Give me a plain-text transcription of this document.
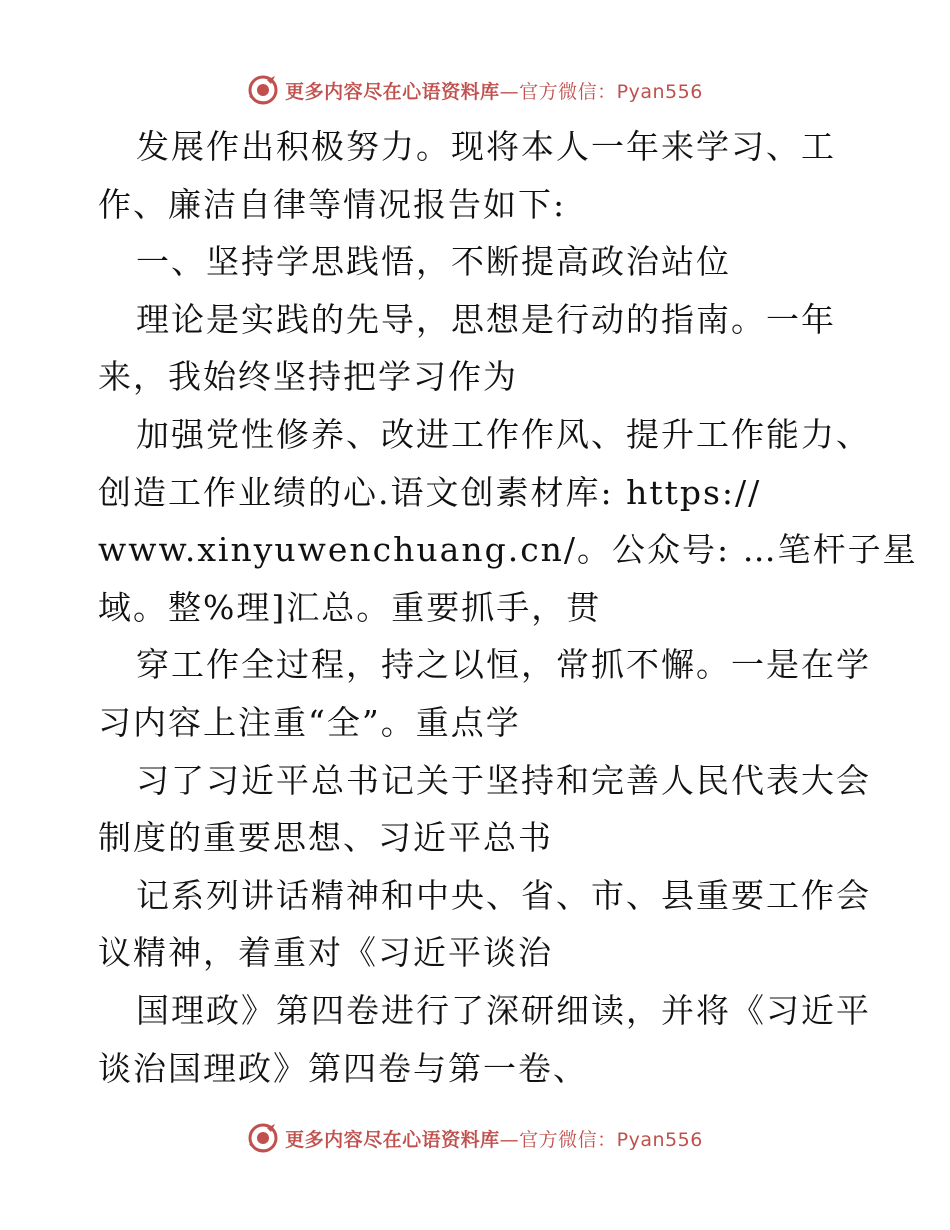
更多内容尽在心语资料库—官方微信：Pyan556
发展作出积极努力。现将本人一年来学习、工
作、廉洁自律等情况报告如下:
一、坚持学思践悟，不断提高政治站位
理论是实践的先导，思想是行动的指南。一年
来，我始终坚持把学习作为
加强党性修养、改进工作作风、提升工作能力、
创造工作业绩的心.语文创素材库: https://
www.xinyuwenchuang.cn/。公众号: …笔杆子星
域。整%理]汇总。重要抓手，贯
穿工作全过程，持之以恒，常抓不懈。一是在学
习内容上注重“全”。重点学
习了习近平总书记关于坚持和完善人民代表大会
制度的重要思想、习近平总书
记系列讲话精神和中央、省、市、县重要工作会
议精神，着重对《习近平谈治
国理政》第四卷进行了深研细读，并将《习近平
谈治国理政》第四卷与第一卷、
更多内容尽在心语资料库—官方微信：Pyan556
